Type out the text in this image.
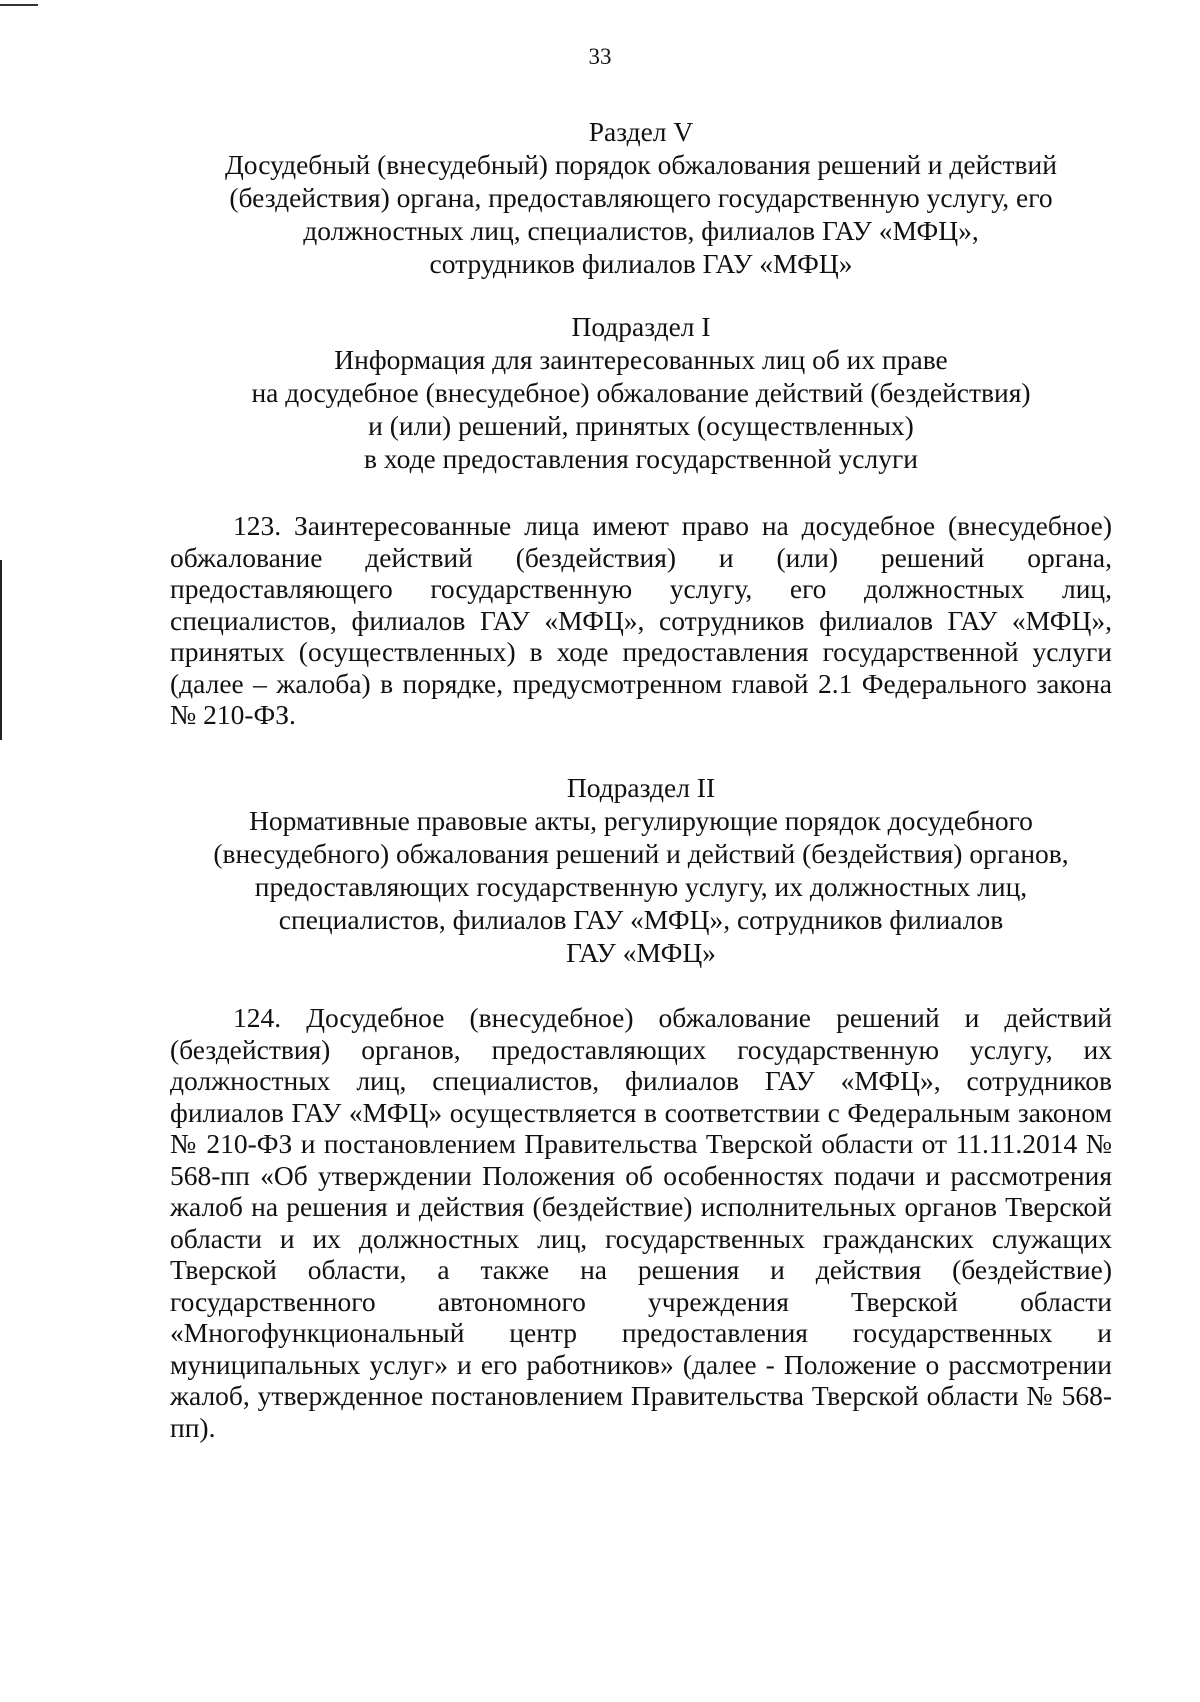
33
Раздел V
Досудебный (внесудебный) порядок обжалования решений и действий
(бездействия) органа, предоставляющего государственную услугу, его
должностных лиц, специалистов, филиалов ГАУ «МФЦ»,
сотрудников филиалов ГАУ «МФЦ»
Подраздел I
Информация для заинтересованных лиц об их праве
на досудебное (внесудебное) обжалование действий (бездействия)
и (или) решений, принятых (осуществленных)
в ходе предоставления государственной услуги

123. Заинтересованные лица имеют право на досудебное (внесудебное) обжалование действий (бездействия) и (или) решений органа, предоставляющего государственную услугу, его должностных лиц, специалистов, филиалов ГАУ «МФЦ», сотрудников филиалов ГАУ «МФЦ», принятых (осуществленных) в ходе предоставления государственной услуги (далее – жалоба) в порядке, предусмотренном главой 2.1 Федерального закона № 210-ФЗ.

Подраздел II
Нормативные правовые акты, регулирующие порядок досудебного
(внесудебного) обжалования решений и действий (бездействия) органов,
предоставляющих государственную услугу, их должностных лиц,
специалистов, филиалов ГАУ «МФЦ», сотрудников филиалов
ГАУ «МФЦ»

124. Досудебное (внесудебное) обжалование решений и действий (бездействия) органов, предоставляющих государственную услугу, их должностных лиц, специалистов, филиалов ГАУ «МФЦ», сотрудников филиалов ГАУ «МФЦ» осуществляется в соответствии с Федеральным законом № 210-ФЗ и постановлением Правительства Тверской области от 11.11.2014 № 568-пп «Об утверждении Положения об особенностях подачи и рассмотрения жалоб на решения и действия (бездействие) исполнительных органов Тверской области и их должностных лиц, государственных гражданских служащих Тверской области, а также на решения и действия (бездействие) государственного автономного учреждения Тверской области «Многофункциональный центр предоставления государственных и муниципальных услуг» и его работников» (далее - Положение о рассмотрении жалоб, утвержденное постановлением Правительства Тверской области № 568-пп).
